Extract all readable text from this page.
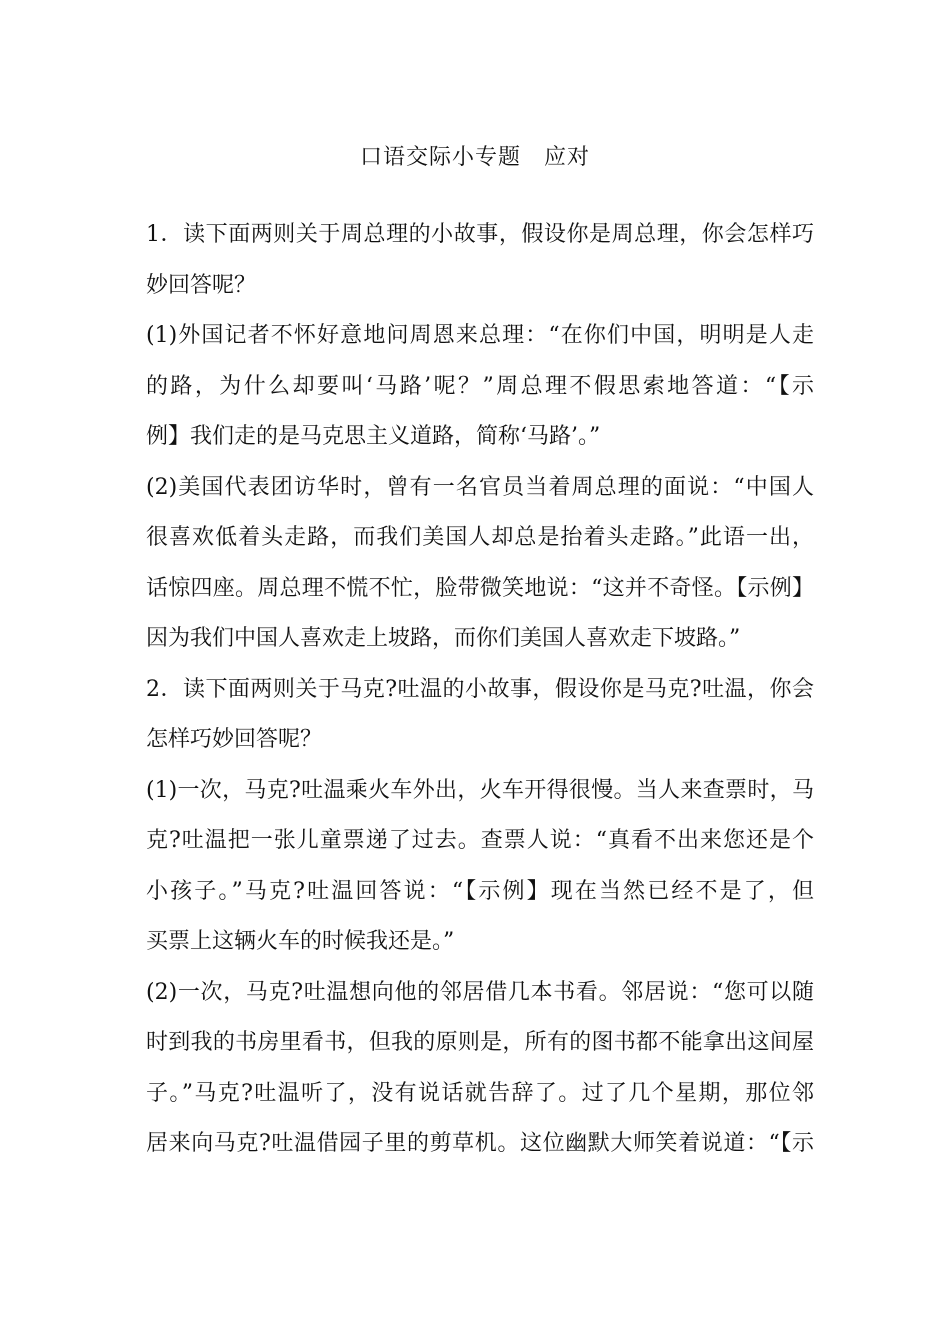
口语交际小专题　应对
1．读下面两则关于周总理的小故事，假设你是周总理，你会怎样巧
妙回答呢？
(1)外国记者不怀好意地问周恩来总理：“在你们中国，明明是人走
的路，为什么却要叫‘马路’呢？”周总理不假思索地答道：“【示
例】我们走的是马克思主义道路，简称‘马路’。”
(2)美国代表团访华时，曾有一名官员当着周总理的面说：“中国人
很喜欢低着头走路，而我们美国人却总是抬着头走路。”此语一出，
话惊四座。周总理不慌不忙，脸带微笑地说：“这并不奇怪。【示例】
因为我们中国人喜欢走上坡路，而你们美国人喜欢走下坡路。”
2．读下面两则关于马克?吐温的小故事，假设你是马克?吐温，你会
怎样巧妙回答呢？
(1)一次，马克?吐温乘火车外出，火车开得很慢。当人来查票时，马
克?吐温把一张儿童票递了过去。查票人说：“真看不出来您还是个
小孩子。”马克?吐温回答说：“【示例】现在当然已经不是了，但
买票上这辆火车的时候我还是。”
(2)一次，马克?吐温想向他的邻居借几本书看。邻居说：“您可以随
时到我的书房里看书，但我的原则是，所有的图书都不能拿出这间屋
子。”马克?吐温听了，没有说话就告辞了。过了几个星期，那位邻
居来向马克?吐温借园子里的剪草机。这位幽默大师笑着说道：“【示
